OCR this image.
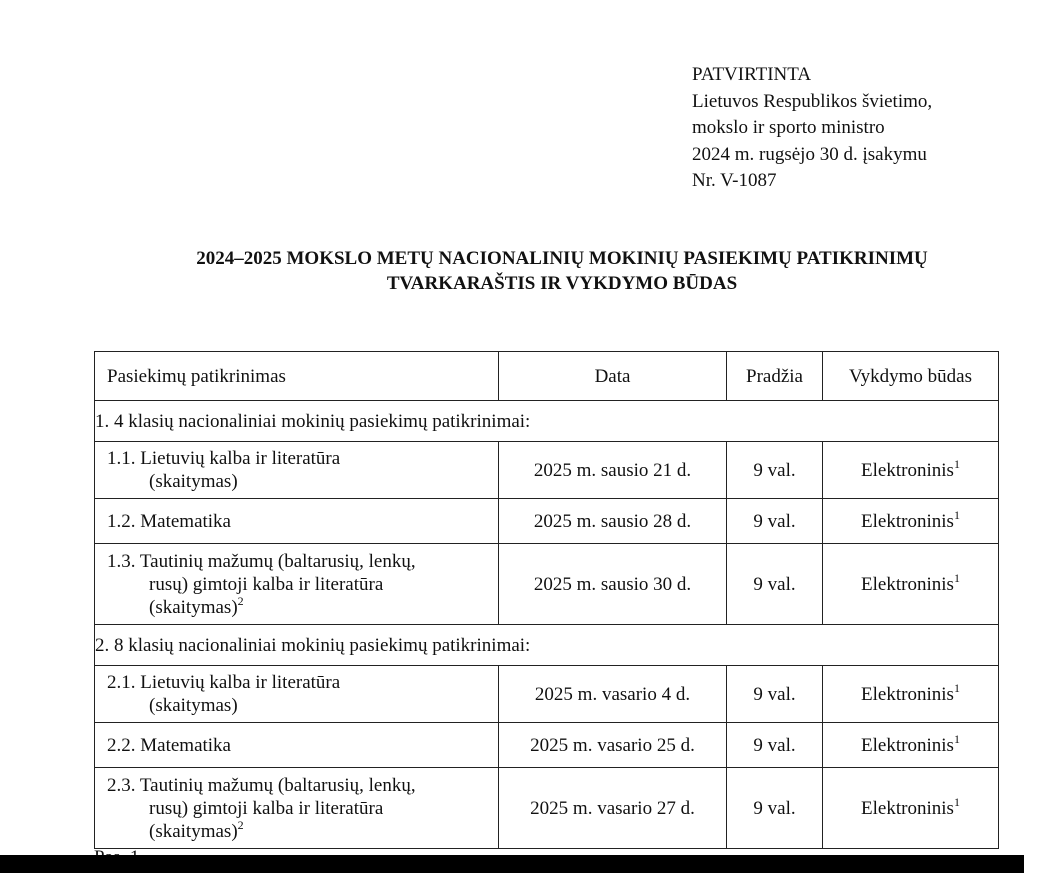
PATVIRTINTA
Lietuvos Respublikos švietimo,
mokslo ir sporto ministro
2024 m. rugsėjo 30 d. įsakymu
Nr. V-1087
2024–2025 MOKSLO METŲ NACIONALINIŲ MOKINIŲ PASIEKIMŲ PATIKRINIMŲ
TVARKARAŠTIS IR VYKDYMO BŪDAS
Pasiekimų patikrinimas	Data	Pradžia	Vykdymo būdas
1. 4 klasių nacionaliniai mokinių pasiekimų patikrinimai:			
1.1. Lietuvių kalba ir literatūra
(skaitymas)	2025 m. sausio 21 d.	9 val.	Elektroninis$^1$
1.2. Matematika	2025 m. sausio 28 d.	9 val.	Elektroninis$^1$
1.3. Tautinių mažumų (baltarusių, lenkų,
rusų) gimtoji kalba ir literatūra
(skaitymas)$^2$	2025 m. sausio 30 d.	9 val.	Elektroninis$^1$
2. 8 klasių nacionaliniai mokinių pasiekimų patikrinimai:			
2.1. Lietuvių kalba ir literatūra
(skaitymas)	2025 m. vasario 4 d.	9 val.	Elektroninis$^1$
2.2. Matematika	2025 m. vasario 25 d.	9 val.	Elektroninis$^1$
2.3. Tautinių mažumų (baltarusių, lenkų,
rusų) gimtoji kalba ir literatūra
(skaitymas)$^2$	2025 m. vasario 27 d.	9 val.	Elektroninis$^1$
